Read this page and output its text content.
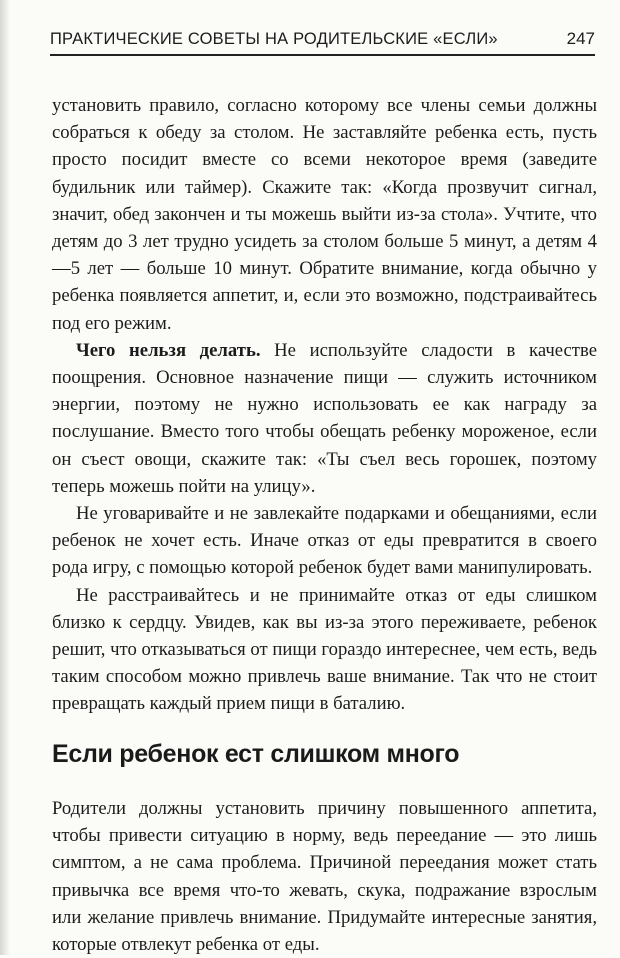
ПРАКТИЧЕСКИЕ СОВЕТЫ НА РОДИТЕЛЬСКИЕ «ЕСЛИ»	247

установить правило, согласно которому все члены семьи должны собраться к обеду за столом. Не заставляйте ребенка есть, пусть просто посидит вместе со всеми некоторое время (заведите будильник или таймер). Скажите так: «Когда прозвучит сигнал, значит, обед закончен и ты можешь выйти из-за стола». Учтите, что детям до 3 лет трудно усидеть за столом больше 5 минут, а детям 4—5 лет — больше 10 минут. Обратите внимание, когда обычно у ребенка появляется аппетит, и, если это возможно, подстраивайтесь под его режим.

Чего нельзя делать. Не используйте сладости в качестве поощрения. Основное назначение пищи — служить источником энергии, поэтому не нужно использовать ее как награду за послушание. Вместо того чтобы обещать ребенку мороженое, если он съест овощи, скажите так: «Ты съел весь горошек, поэтому теперь можешь пойти на улицу».

Не уговаривайте и не завлекайте подарками и обещаниями, если ребенок не хочет есть. Иначе отказ от еды превратится в своего рода игру, с помощью которой ребенок будет вами манипулировать.

Не расстраивайтесь и не принимайте отказ от еды слишком близко к сердцу. Увидев, как вы из-за этого переживаете, ребенок решит, что отказываться от пищи гораздо интереснее, чем есть, ведь таким способом можно привлечь ваше внимание. Так что не стоит превращать каждый прием пищи в баталию.

Если ребенок ест слишком много

Родители должны установить причину повышенного аппетита, чтобы привести ситуацию в норму, ведь переедание — это лишь симптом, а не сама проблема. Причиной переедания может стать привычка все время что-то жевать, скука, подражание взрослым или желание привлечь внимание. Придумайте интересные занятия, которые отвлекут ребенка от еды.
